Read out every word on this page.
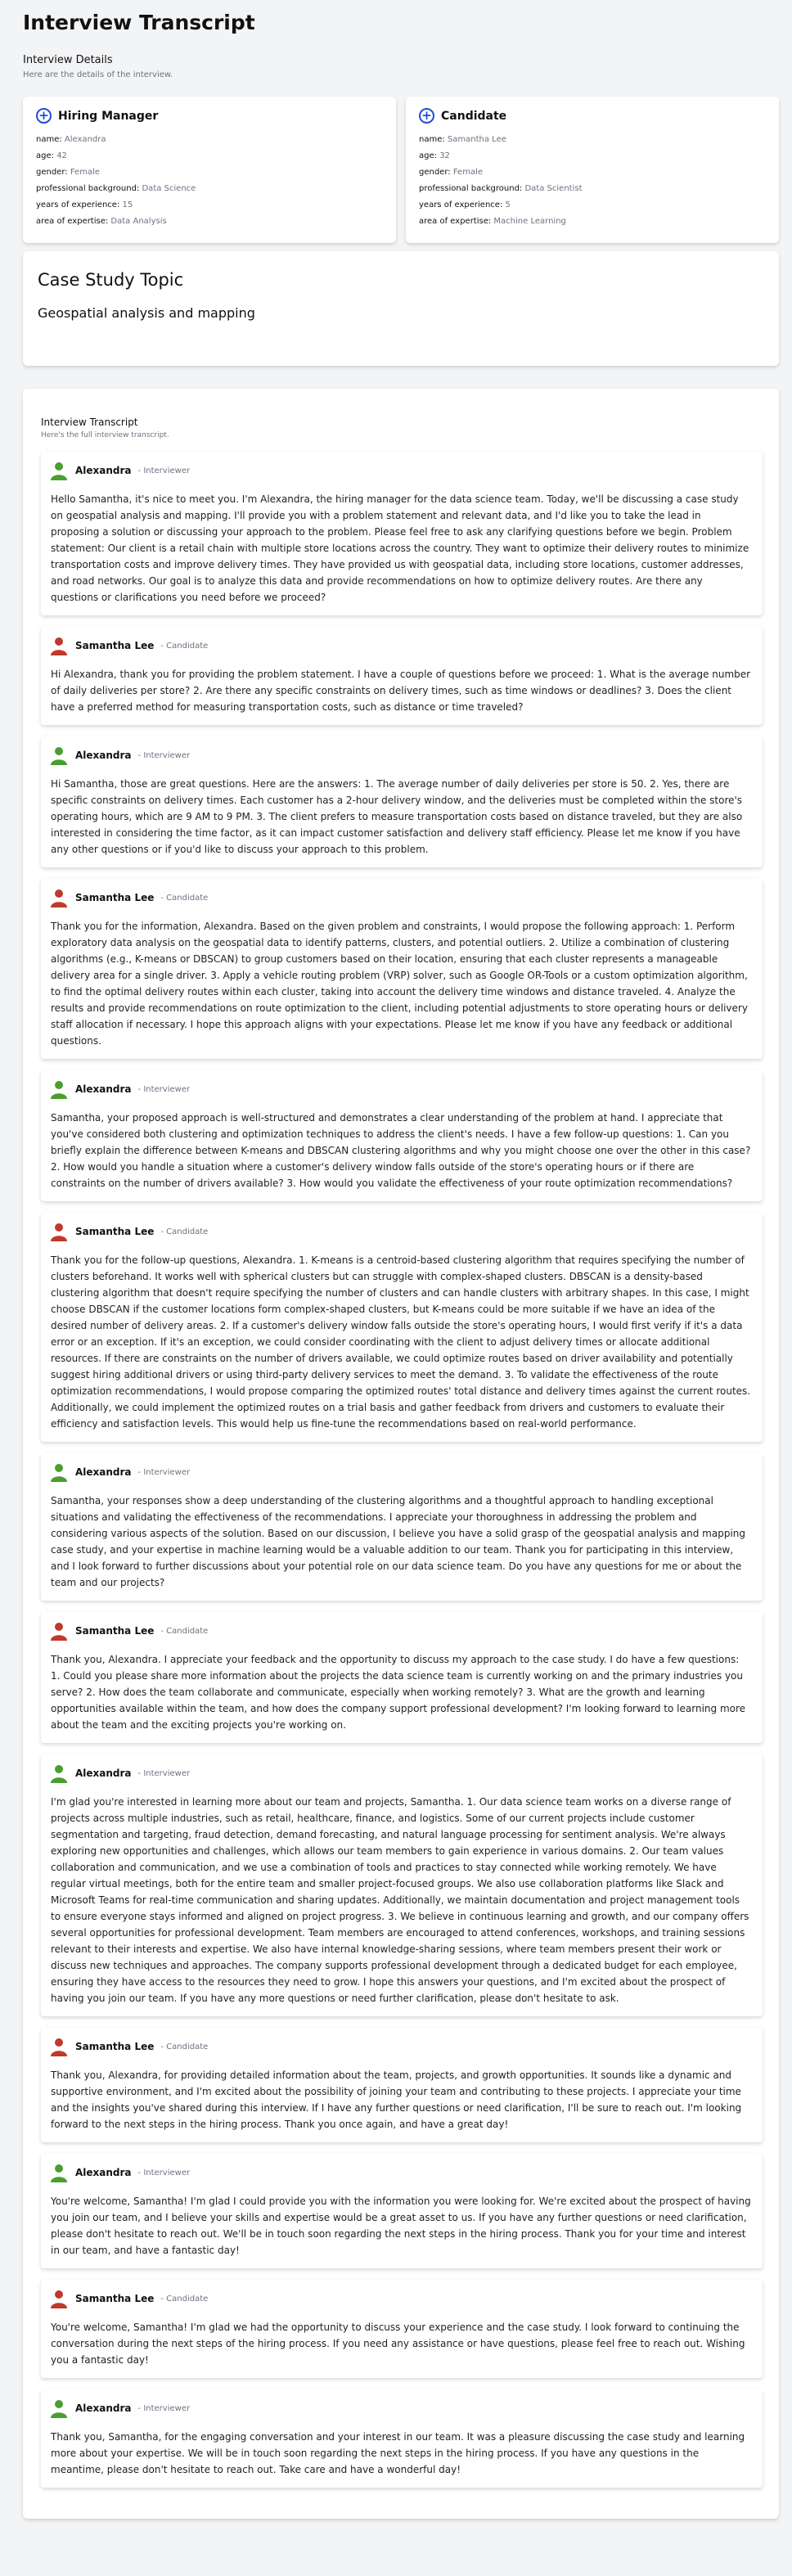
Interview Transcript
Interview Details
Here are the details of the interview.
+ Hiring Manager
name: Alexandra
age: 42
gender: Female
professional background: Data Science
years of experience: 15
area of expertise: Data Analysis
+ Candidate
name: Samantha Lee
age: 32
gender: Female
professional background: Data Scientist
years of experience: 5
area of expertise: Machine Learning
Case Study Topic
Geospatial analysis and mapping
Interview Transcript
Here's the full interview transcript.
Alexandra - Interviewer
Hello Samantha, it's nice to meet you. I'm Alexandra, the hiring manager for the data science team. Today, we'll be discussing a case study on geospatial analysis and mapping. I'll provide you with a problem statement and relevant data, and I'd like you to take the lead in proposing a solution or discussing your approach to the problem. Please feel free to ask any clarifying questions before we begin. Problem statement: Our client is a retail chain with multiple store locations across the country. They want to optimize their delivery routes to minimize transportation costs and improve delivery times. They have provided us with geospatial data, including store locations, customer addresses, and road networks. Our goal is to analyze this data and provide recommendations on how to optimize delivery routes. Are there any questions or clarifications you need before we proceed?
Samantha Lee - Candidate
Hi Alexandra, thank you for providing the problem statement. I have a couple of questions before we proceed: 1. What is the average number of daily deliveries per store? 2. Are there any specific constraints on delivery times, such as time windows or deadlines? 3. Does the client have a preferred method for measuring transportation costs, such as distance or time traveled?
Alexandra - Interviewer
Hi Samantha, those are great questions. Here are the answers: 1. The average number of daily deliveries per store is 50. 2. Yes, there are specific constraints on delivery times. Each customer has a 2-hour delivery window, and the deliveries must be completed within the store's operating hours, which are 9 AM to 9 PM. 3. The client prefers to measure transportation costs based on distance traveled, but they are also interested in considering the time factor, as it can impact customer satisfaction and delivery staff efficiency. Please let me know if you have any other questions or if you'd like to discuss your approach to this problem.
Samantha Lee - Candidate
Thank you for the information, Alexandra. Based on the given problem and constraints, I would propose the following approach: 1. Perform exploratory data analysis on the geospatial data to identify patterns, clusters, and potential outliers. 2. Utilize a combination of clustering algorithms (e.g., K-means or DBSCAN) to group customers based on their location, ensuring that each cluster represents a manageable delivery area for a single driver. 3. Apply a vehicle routing problem (VRP) solver, such as Google OR-Tools or a custom optimization algorithm, to find the optimal delivery routes within each cluster, taking into account the delivery time windows and distance traveled. 4. Analyze the results and provide recommendations on route optimization to the client, including potential adjustments to store operating hours or delivery staff allocation if necessary. I hope this approach aligns with your expectations. Please let me know if you have any feedback or additional questions.
Alexandra - Interviewer
Samantha, your proposed approach is well-structured and demonstrates a clear understanding of the problem at hand. I appreciate that you've considered both clustering and optimization techniques to address the client's needs. I have a few follow-up questions: 1. Can you briefly explain the difference between K-means and DBSCAN clustering algorithms and why you might choose one over the other in this case? 2. How would you handle a situation where a customer's delivery window falls outside of the store's operating hours or if there are constraints on the number of drivers available? 3. How would you validate the effectiveness of your route optimization recommendations?
Samantha Lee - Candidate
Thank you for the follow-up questions, Alexandra. 1. K-means is a centroid-based clustering algorithm that requires specifying the number of clusters beforehand. It works well with spherical clusters but can struggle with complex-shaped clusters. DBSCAN is a density-based clustering algorithm that doesn't require specifying the number of clusters and can handle clusters with arbitrary shapes. In this case, I might choose DBSCAN if the customer locations form complex-shaped clusters, but K-means could be more suitable if we have an idea of the desired number of delivery areas. 2. If a customer's delivery window falls outside the store's operating hours, I would first verify if it's a data error or an exception. If it's an exception, we could consider coordinating with the client to adjust delivery times or allocate additional resources. If there are constraints on the number of drivers available, we could optimize routes based on driver availability and potentially suggest hiring additional drivers or using third-party delivery services to meet the demand. 3. To validate the effectiveness of the route optimization recommendations, I would propose comparing the optimized routes' total distance and delivery times against the current routes. Additionally, we could implement the optimized routes on a trial basis and gather feedback from drivers and customers to evaluate their efficiency and satisfaction levels. This would help us fine-tune the recommendations based on real-world performance.
Alexandra - Interviewer
Samantha, your responses show a deep understanding of the clustering algorithms and a thoughtful approach to handling exceptional situations and validating the effectiveness of the recommendations. I appreciate your thoroughness in addressing the problem and considering various aspects of the solution. Based on our discussion, I believe you have a solid grasp of the geospatial analysis and mapping case study, and your expertise in machine learning would be a valuable addition to our team. Thank you for participating in this interview, and I look forward to further discussions about your potential role on our data science team. Do you have any questions for me or about the team and our projects?
Samantha Lee - Candidate
Thank you, Alexandra. I appreciate your feedback and the opportunity to discuss my approach to the case study. I do have a few questions: 1. Could you please share more information about the projects the data science team is currently working on and the primary industries you serve? 2. How does the team collaborate and communicate, especially when working remotely? 3. What are the growth and learning opportunities available within the team, and how does the company support professional development? I'm looking forward to learning more about the team and the exciting projects you're working on.
Alexandra - Interviewer
I'm glad you're interested in learning more about our team and projects, Samantha. 1. Our data science team works on a diverse range of projects across multiple industries, such as retail, healthcare, finance, and logistics. Some of our current projects include customer segmentation and targeting, fraud detection, demand forecasting, and natural language processing for sentiment analysis. We're always exploring new opportunities and challenges, which allows our team members to gain experience in various domains. 2. Our team values collaboration and communication, and we use a combination of tools and practices to stay connected while working remotely. We have regular virtual meetings, both for the entire team and smaller project-focused groups. We also use collaboration platforms like Slack and Microsoft Teams for real-time communication and sharing updates. Additionally, we maintain documentation and project management tools to ensure everyone stays informed and aligned on project progress. 3. We believe in continuous learning and growth, and our company offers several opportunities for professional development. Team members are encouraged to attend conferences, workshops, and training sessions relevant to their interests and expertise. We also have internal knowledge-sharing sessions, where team members present their work or discuss new techniques and approaches. The company supports professional development through a dedicated budget for each employee, ensuring they have access to the resources they need to grow. I hope this answers your questions, and I'm excited about the prospect of having you join our team. If you have any more questions or need further clarification, please don't hesitate to ask.
Samantha Lee - Candidate
Thank you, Alexandra, for providing detailed information about the team, projects, and growth opportunities. It sounds like a dynamic and supportive environment, and I'm excited about the possibility of joining your team and contributing to these projects. I appreciate your time and the insights you've shared during this interview. If I have any further questions or need clarification, I'll be sure to reach out. I'm looking forward to the next steps in the hiring process. Thank you once again, and have a great day!
Alexandra - Interviewer
You're welcome, Samantha! I'm glad I could provide you with the information you were looking for. We're excited about the prospect of having you join our team, and I believe your skills and expertise would be a great asset to us. If you have any further questions or need clarification, please don't hesitate to reach out. We'll be in touch soon regarding the next steps in the hiring process. Thank you for your time and interest in our team, and have a fantastic day!
Samantha Lee - Candidate
You're welcome, Samantha! I'm glad we had the opportunity to discuss your experience and the case study. I look forward to continuing the conversation during the next steps of the hiring process. If you need any assistance or have questions, please feel free to reach out. Wishing you a fantastic day!
Alexandra - Interviewer
Thank you, Samantha, for the engaging conversation and your interest in our team. It was a pleasure discussing the case study and learning more about your expertise. We will be in touch soon regarding the next steps in the hiring process. If you have any questions in the meantime, please don't hesitate to reach out. Take care and have a wonderful day!
